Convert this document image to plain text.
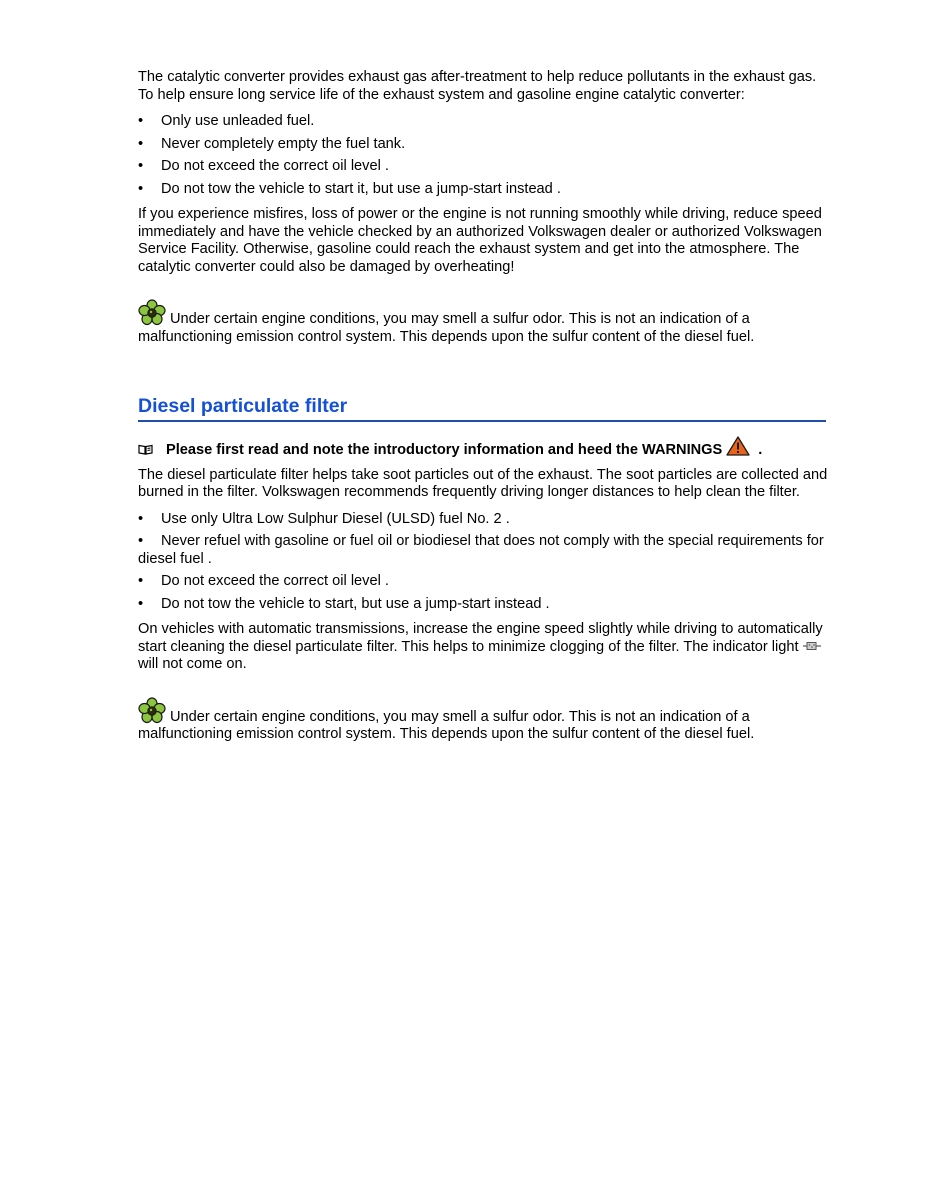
The catalytic converter provides exhaust gas after-treatment to help reduce pollutants in the exhaust gas. To help ensure long service life of the exhaust system and gasoline engine catalytic converter:

•	Only use unleaded fuel.
•	Never completely empty the fuel tank.
•	Do not exceed the correct oil level .
•	Do not tow the vehicle to start it, but use a jump-start instead .

If you experience misfires, loss of power or the engine is not running smoothly while driving, reduce speed immediately and have the vehicle checked by an authorized Volkswagen dealer or authorized Volkswagen Service Facility. Otherwise, gasoline could reach the exhaust system and get into the atmosphere. The catalytic converter could also be damaged by overheating!

Under certain engine conditions, you may smell a sulfur odor. This is not an indication of a malfunctioning emission control system. This depends upon the sulfur content of the diesel fuel.

Diesel particulate filter

Please first read and note the introductory information and heed the WARNINGS .

The diesel particulate filter helps take soot particles out of the exhaust. The soot particles are collected and burned in the filter. Volkswagen recommends frequently driving longer distances to help clean the filter.

•	Use only Ultra Low Sulphur Diesel (ULSD) fuel No. 2 .
• Never refuel with gasoline or fuel oil or biodiesel that does not comply with the special requirements for diesel fuel .
•	Do not exceed the correct oil level .
•	Do not tow the vehicle to start, but use a jump-start instead .

On vehicles with automatic transmissions, increase the engine speed slightly while driving to automatically start cleaning the diesel particulate filter. This helps to minimize clogging of the filter. The indicator lightwill not come on.

Under certain engine conditions, you may smell a sulfur odor. This is not an indication of a malfunctioning emission control system. This depends upon the sulfur content of the diesel fuel.
